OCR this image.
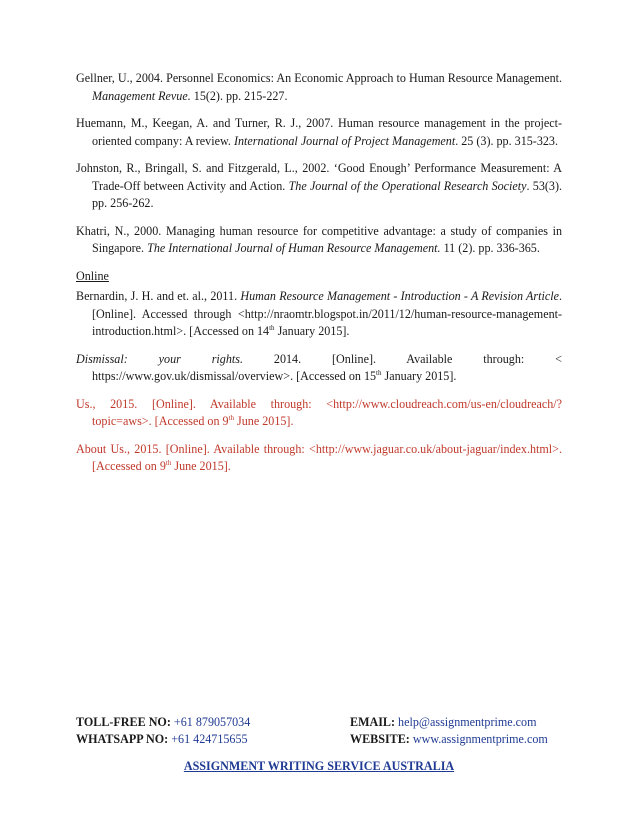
Gellner, U., 2004. Personnel Economics: An Economic Approach to Human Resource Management. Management Revue. 15(2). pp. 215-227.

Huemann, M., Keegan, A. and Turner, R. J., 2007. Human resource management in the project-oriented company: A review. International Journal of Project Management. 25 (3). pp. 315-323.

Johnston, R., Bringall, S. and Fitzgerald, L., 2002. ‘Good Enough’ Performance Measurement: A Trade-Off between Activity and Action. The Journal of the Operational Research Society. 53(3). pp. 256-262.

Khatri, N., 2000. Managing human resource for competitive advantage: a study of companies in Singapore. The International Journal of Human Resource Management. 11 (2). pp. 336-365.

Online

Bernardin, J. H. and et. al., 2011. Human Resource Management - Introduction - A Revision Article. [Online]. Accessed through <http://nraomtr.blogspot.in/2011/12/human-resource-management-introduction.html>. [Accessed on 14th January 2015].

Dismissal: your rights. 2014. [Online]. Available through: < https://www.gov.uk/dismissal/overview>. [Accessed on 15th January 2015].

Us., 2015. [Online]. Available through: <http://www.cloudreach.com/us-en/cloudreach/?topic=aws>. [Accessed on 9th June 2015].

About Us., 2015. [Online]. Available through: <http://www.jaguar.co.uk/about-jaguar/index.html>. [Accessed on 9th June 2015].

TOLL-FREE NO: +61 879057034	EMAIL: help@assignmentprime.com
WHATSAPP NO: +61 424715655	WEBSITE: www.assignmentprime.com
ASSIGNMENT WRITING SERVICE AUSTRALIA
